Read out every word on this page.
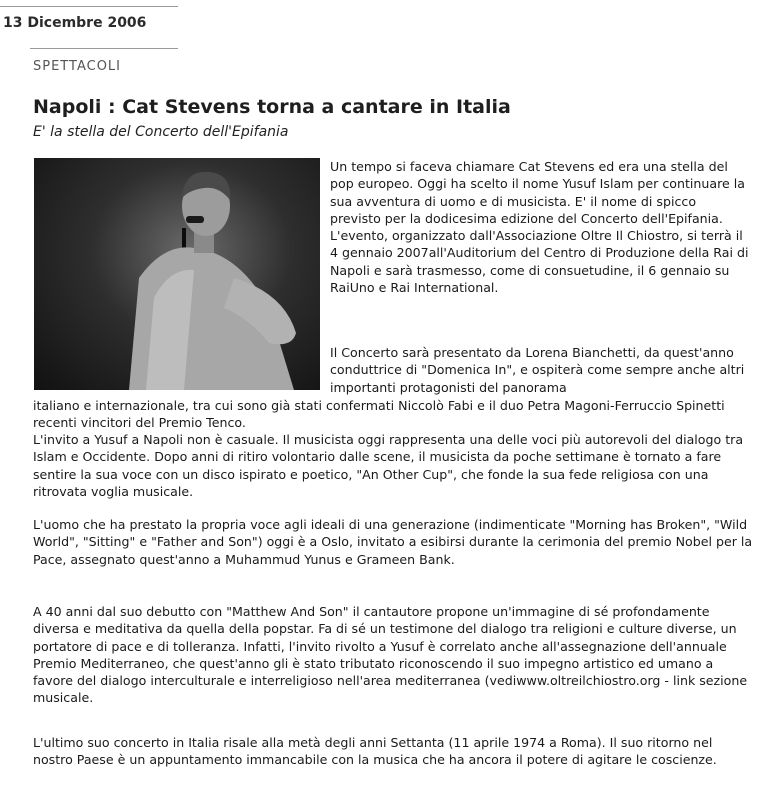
13 Dicembre 2006
SPETTACOLI
Napoli : Cat Stevens torna a cantare in Italia
E' la stella del Concerto dell'Epifania

Un tempo si faceva chiamare Cat Stevens ed era una stella del pop europeo. Oggi ha scelto il nome Yusuf Islam per continuare la sua avventura di uomo e di musicista. E' il nome di spicco previsto per la dodicesima edizione del Concerto dell'Epifania. L'evento, organizzato dall'Associazione Oltre Il Chiostro, si terrà il 4 gennaio 2007all'Auditorium del Centro di Produzione della Rai di Napoli e sarà trasmesso, come di consuetudine, il 6 gennaio su RaiUno e Rai International.

Il Concerto sarà presentato da Lorena Bianchetti, da quest'anno conduttrice di "Domenica In", e ospiterà come sempre anche altri importanti protagonisti del panorama

italiano e internazionale, tra cui sono già stati confermati Niccolò Fabi e il duo Petra Magoni-Ferruccio Spinetti recenti vincitori del Premio Tenco.

L'invito a Yusuf a Napoli non è casuale. Il musicista oggi rappresenta una delle voci più autorevoli del dialogo tra Islam e Occidente. Dopo anni di ritiro volontario dalle scene, il musicista da poche settimane è tornato a fare sentire la sua voce con un disco ispirato e poetico, "An Other Cup", che fonde la sua fede religiosa con una ritrovata voglia musicale.

L'uomo che ha prestato la propria voce agli ideali di una generazione (indimenticate "Morning has Broken", "Wild World", "Sitting" e "Father and Son") oggi è a Oslo, invitato a esibirsi durante la cerimonia del premio Nobel per la Pace, assegnato quest'anno a Muhammud Yunus e Grameen Bank.

A 40 anni dal suo debutto con "Matthew And Son" il cantautore propone un'immagine di sé profondamente diversa e meditativa da quella della popstar. Fa di sé un testimone del dialogo tra religioni e culture diverse, un portatore di pace e di tolleranza. Infatti, l'invito rivolto a Yusuf è correlato anche all'assegnazione dell'annuale Premio Mediterraneo, che quest'anno gli è stato tributato riconoscendo il suo impegno artistico ed umano a favore del dialogo interculturale e interreligioso nell'area mediterranea (vediwww.oltreilchiostro.org - link sezione musicale.

L'ultimo suo concerto in Italia risale alla metà degli anni Settanta (11 aprile 1974 a Roma). Il suo ritorno nel nostro Paese è un appuntamento immancabile con la musica che ha ancora il potere di agitare le coscienze.
